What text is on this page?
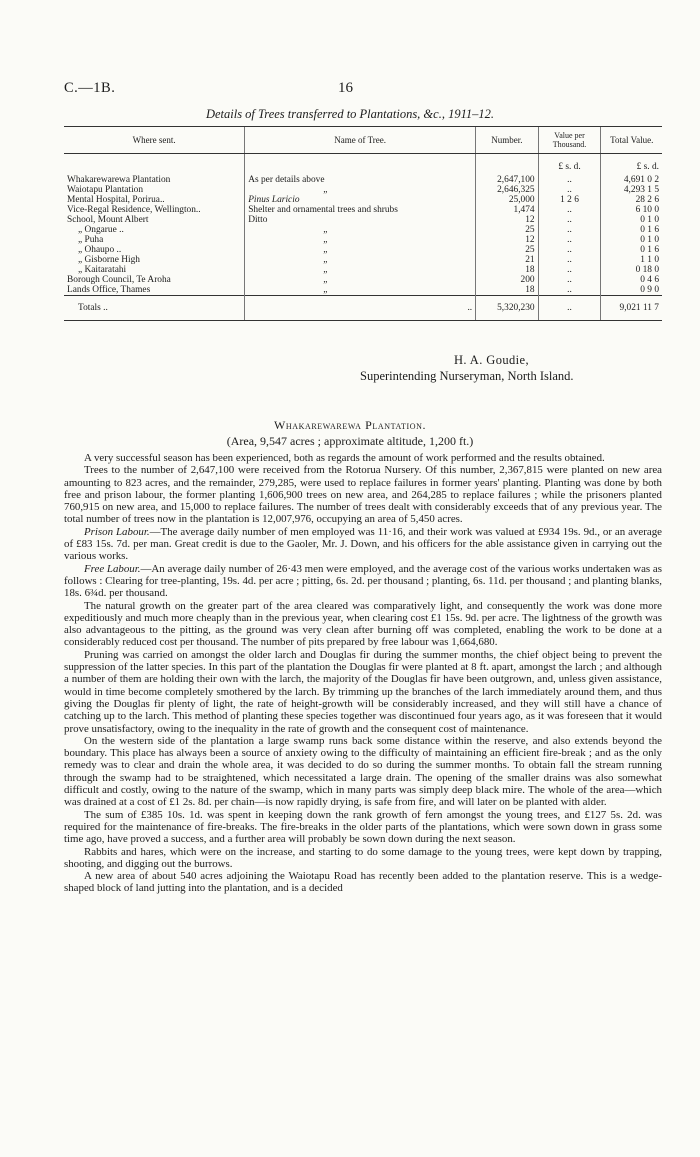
C.—1B.	16
Details of Trees transferred to Plantations, &c., 1911–12.
Where sent.	Name of Tree.	Number.	Value per Thousand.	Total Value.
			£ s. d.	£ s. d.
Whakarewarewa Plantation	As per details above	2,647,100	..	4,691 0 2
Waiotapu Plantation	„	2,646,325	..	4,293 1 5
Mental Hospital, Porirua..	Pinus Laricio	25,000	1 2 6	28 2 6
Vice-Regal Residence, Wellington..	Shelter and ornamental trees and shrubs	1,474	..	6 10 0
School, Mount Albert	Ditto	12	..	0 1 0
„ Ongarue ..	„	25	..	0 1 6
„ Puha	„	12	..	0 1 0
„ Ohaupo ..	„	25	..	0 1 6
„ Gisborne High	„	21	..	1 1 0
„ Kaitaratahi	„	18	..	0 18 0
Borough Council, Te Aroha	„	200	..	0 4 6
Lands Office, Thames	„	18	..	0 9 0
Totals ..	..	5,320,230	..	9,021 11 7
H. A. Goudie,
Superintending Nurseryman, North Island.
Whakarewarewa Plantation.
(Area, 9,547 acres ; approximate altitude, 1,200 ft.)

A very successful season has been experienced, both as regards the amount of work performed and the results obtained.

Trees to the number of 2,647,100 were received from the Rotorua Nursery. Of this number, 2,367,815 were planted on new area amounting to 823 acres, and the remainder, 279,285, were used to replace failures in former years' planting. Planting was done by both free and prison labour, the former planting 1,606,900 trees on new area, and 264,285 to replace failures ; while the prisoners planted 760,915 on new area, and 15,000 to replace failures. The number of trees dealt with considerably exceeds that of any previous year. The total number of trees now in the plantation is 12,007,976, occupying an area of 5,450 acres.

Prison Labour.—The average daily number of men employed was 11·16, and their work was valued at £934 19s. 9d., or an average of £83 15s. 7d. per man. Great credit is due to the Gaoler, Mr. J. Down, and his officers for the able assistance given in carrying out the various works.

Free Labour.—An average daily number of 26·43 men were employed, and the average cost of the various works undertaken was as follows : Clearing for tree-planting, 19s. 4d. per acre ; pitting, 6s. 2d. per thousand ; planting, 6s. 11d. per thousand ; and planting blanks, 18s. 6¾d. per thousand.

The natural growth on the greater part of the area cleared was comparatively light, and consequently the work was done more expeditiously and much more cheaply than in the previous year, when clearing cost £1 15s. 9d. per acre. The lightness of the growth was also advantageous to the pitting, as the ground was very clean after burning off was completed, enabling the work to be done at a considerably reduced cost per thousand. The number of pits prepared by free labour was 1,664,680.

Pruning was carried on amongst the older larch and Douglas fir during the summer months, the chief object being to prevent the suppression of the latter species. In this part of the plantation the Douglas fir were planted at 8 ft. apart, amongst the larch ; and although a number of them are holding their own with the larch, the majority of the Douglas fir have been outgrown, and, unless given assistance, would in time become completely smothered by the larch. By trimming up the branches of the larch immediately around them, and thus giving the Douglas fir plenty of light, the rate of height-growth will be considerably increased, and they will still have a chance of catching up to the larch. This method of planting these species together was discontinued four years ago, as it was foreseen that it would prove unsatisfactory, owing to the inequality in the rate of growth and the consequent cost of maintenance.

On the western side of the plantation a large swamp runs back some distance within the reserve, and also extends beyond the boundary. This place has always been a source of anxiety owing to the difficulty of maintaining an efficient fire-break ; and as the only remedy was to clear and drain the whole area, it was decided to do so during the summer months. To obtain fall the stream running through the swamp had to be straightened, which necessitated a large drain. The opening of the smaller drains was also somewhat difficult and costly, owing to the nature of the swamp, which in many parts was simply deep black mire. The whole of the area—which was drained at a cost of £1 2s. 8d. per chain—is now rapidly drying, is safe from fire, and will later on be planted with alder.

The sum of £385 10s. 1d. was spent in keeping down the rank growth of fern amongst the young trees, and £127 5s. 2d. was required for the maintenance of fire-breaks. The fire-breaks in the older parts of the plantations, which were sown down in grass some time ago, have proved a success, and a further area will probably be sown down during the next season.

Rabbits and hares, which were on the increase, and starting to do some damage to the young trees, were kept down by trapping, shooting, and digging out the burrows.

A new area of about 540 acres adjoining the Waiotapu Road has recently been added to the plantation reserve. This is a wedge-shaped block of land jutting into the plantation, and is a decided
